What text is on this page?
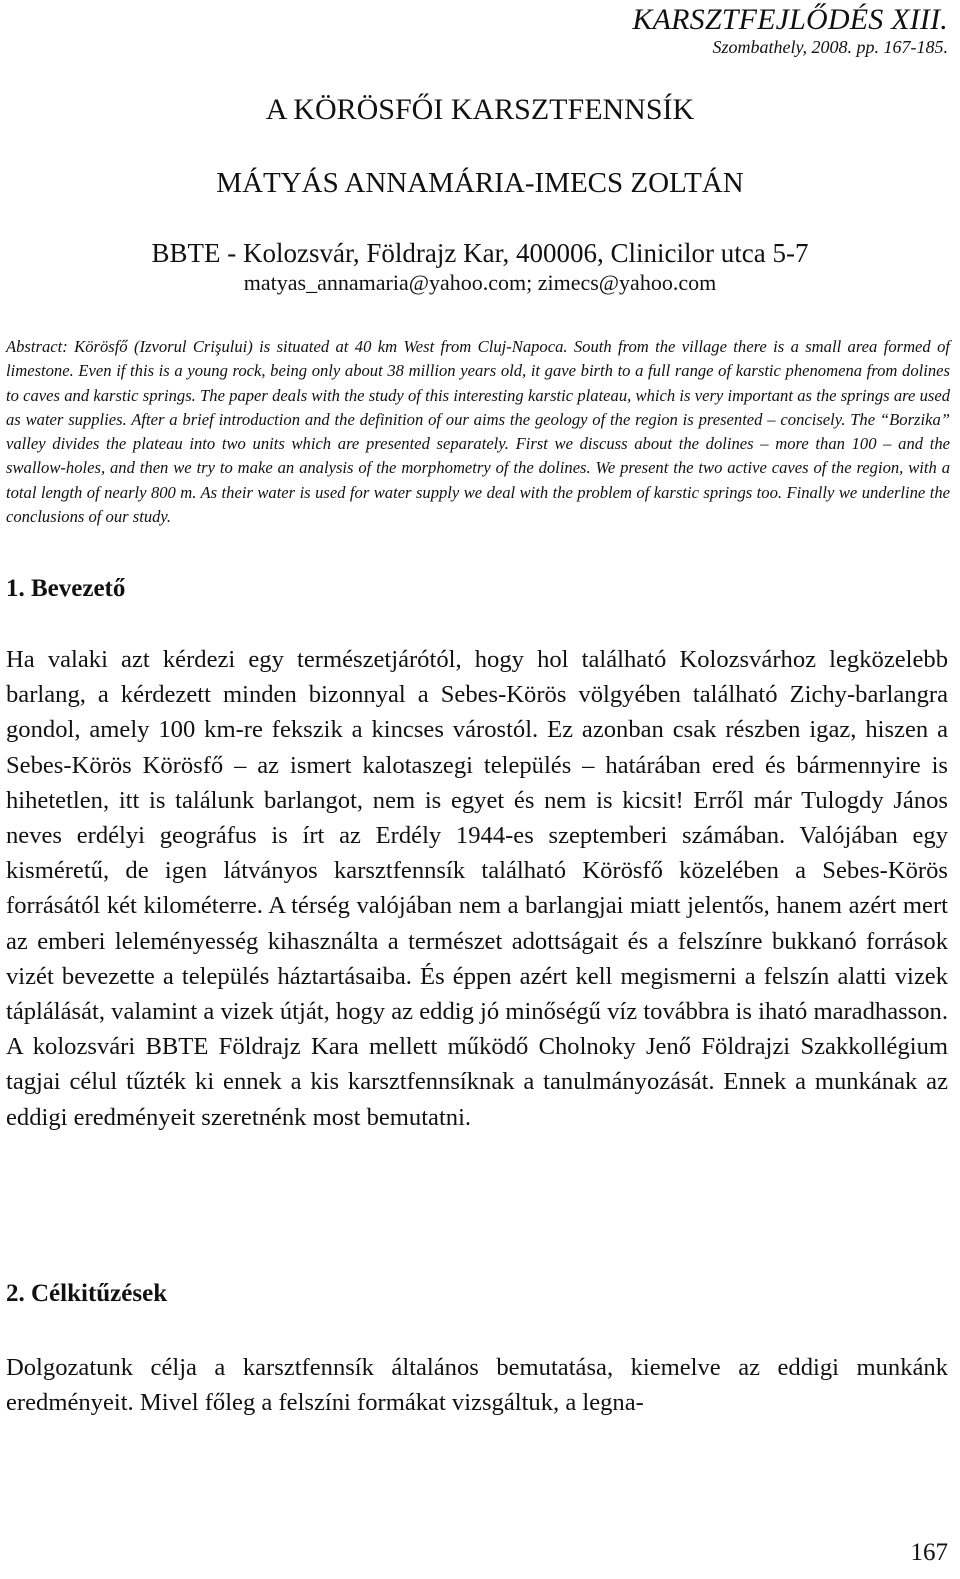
KARSZTFEJLŐDÉS XIII.
Szombathely, 2008. pp. 167-185.
A KÖRÖSFŐI KARSZTFENNSÍK
MÁTYÁS ANNAMÁRIA-IMECS ZOLTÁN
BBTE - Kolozsvár, Földrajz Kar, 400006, Clinicilor utca 5-7
matyas_annamaria@yahoo.com; zimecs@yahoo.com
Abstract: Körösfő (Izvorul Crişului) is situated at 40 km West from Cluj-Napoca. South from the village there is a small area formed of limestone. Even if this is a young rock, being only about 38 million years old, it gave birth to a full range of karstic phenomena from dolines to caves and karstic springs. The paper deals with the study of this interesting karstic plateau, which is very important as the springs are used as water supplies. After a brief introduction and the definition of our aims the geology of the region is presented – concisely. The “Borzika” valley divides the plateau into two units which are presented separately. First we discuss about the dolines – more than 100 – and the swallow-holes, and then we try to make an analysis of the morphometry of the dolines. We present the two active caves of the region, with a total length of nearly 800 m. As their water is used for water supply we deal with the problem of karstic springs too. Finally we underline the conclusions of our study.
1. Bevezető
Ha valaki azt kérdezi egy természetjárótól, hogy hol található Kolozsvárhoz legközelebb barlang, a kérdezett minden bizonnyal a Sebes-Körös völgyében található Zichy-barlangra gondol, amely 100 km-re fekszik a kincses várostól. Ez azonban csak részben igaz, hiszen a Sebes-Körös Körösfő – az ismert kalotaszegi település – határában ered és bármennyire is hihetetlen, itt is találunk barlangot, nem is egyet és nem is kicsit! Erről már Tulogdy János neves erdélyi geográfus is írt az Erdély 1944-es szeptemberi számában. Valójában egy kisméretű, de igen látványos karsztfennsík található Körösfő közelében a Sebes-Körös forrásától két kilométerre. A térség valójában nem a barlangjai miatt jelentős, hanem azért mert az emberi leleményesség kihasználta a természet adottságait és a felszínre bukkanó források vizét bevezette a település háztartásaiba. És éppen azért kell megismerni a felszín alatti vizek táplálását, valamint a vizek útját, hogy az eddig jó minőségű víz továbbra is iható maradhasson. A kolozsvári BBTE Földrajz Kara mellett működő Cholnoky Jenő Földrajzi Szakkollégium tagjai célul tűzték ki ennek a kis karsztfennsíknak a tanulmányozását. Ennek a munkának az eddigi eredményeit szeretnénk most bemutatni.
2. Célkitűzések
Dolgozatunk célja a karsztfennsík általános bemutatása, kiemelve az eddigi munkánk eredményeit. Mivel főleg a felszíni formákat vizsgáltuk, a legna-
167
